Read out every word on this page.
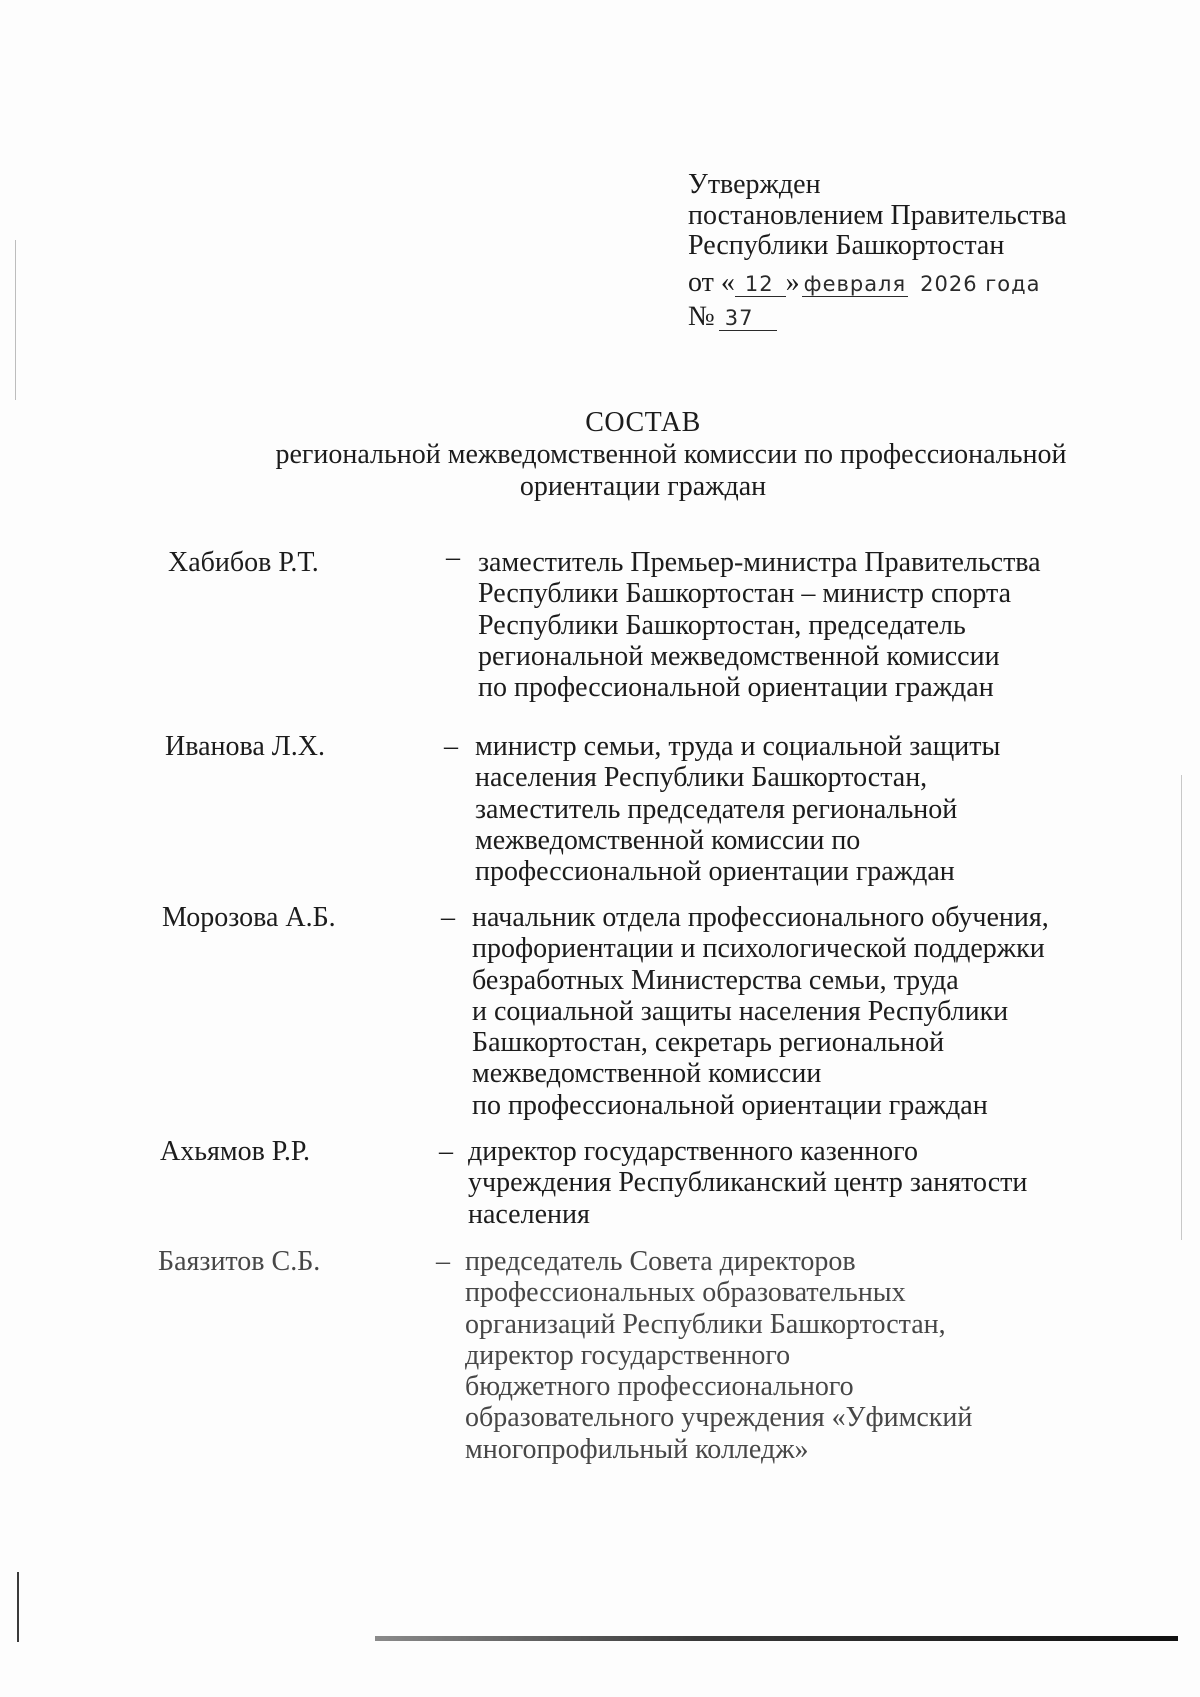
Утвержден
постановлением Правительства
Республики Башкортостан
от « 12 » февраля 2026 года
№ 37
СОСТАВ
региональной межведомственной комиссии по профессиональной
ориентации граждан
Хабибов Р.Т.	– заместитель Премьер-министра Правительства
Республики Башкортостан – министр спорта
Республики Башкортостан, председатель
региональной межведомственной комиссии
по профессиональной ориентации граждан
Иванова Л.Х.	– министр семьи, труда и социальной защиты
населения Республики Башкортостан,
заместитель председателя региональной
межведомственной комиссии по
профессиональной ориентации граждан
Морозова А.Б.	– начальник отдела профессионального обучения,
профориентации и психологической поддержки
безработных Министерства семьи, труда
и социальной защиты населения Республики
Башкортостан, секретарь региональной
межведомственной комиссии
по профессиональной ориентации граждан
Ахьямов Р.Р.	– директор государственного казенного
учреждения Республиканский центр занятости
населения
Баязитов С.Б.	– председатель Совета директоров
профессиональных образовательных
организаций Республики Башкортостан,
директор государственного
бюджетного профессионального
образовательного учреждения «Уфимский
многопрофильный колледж»
